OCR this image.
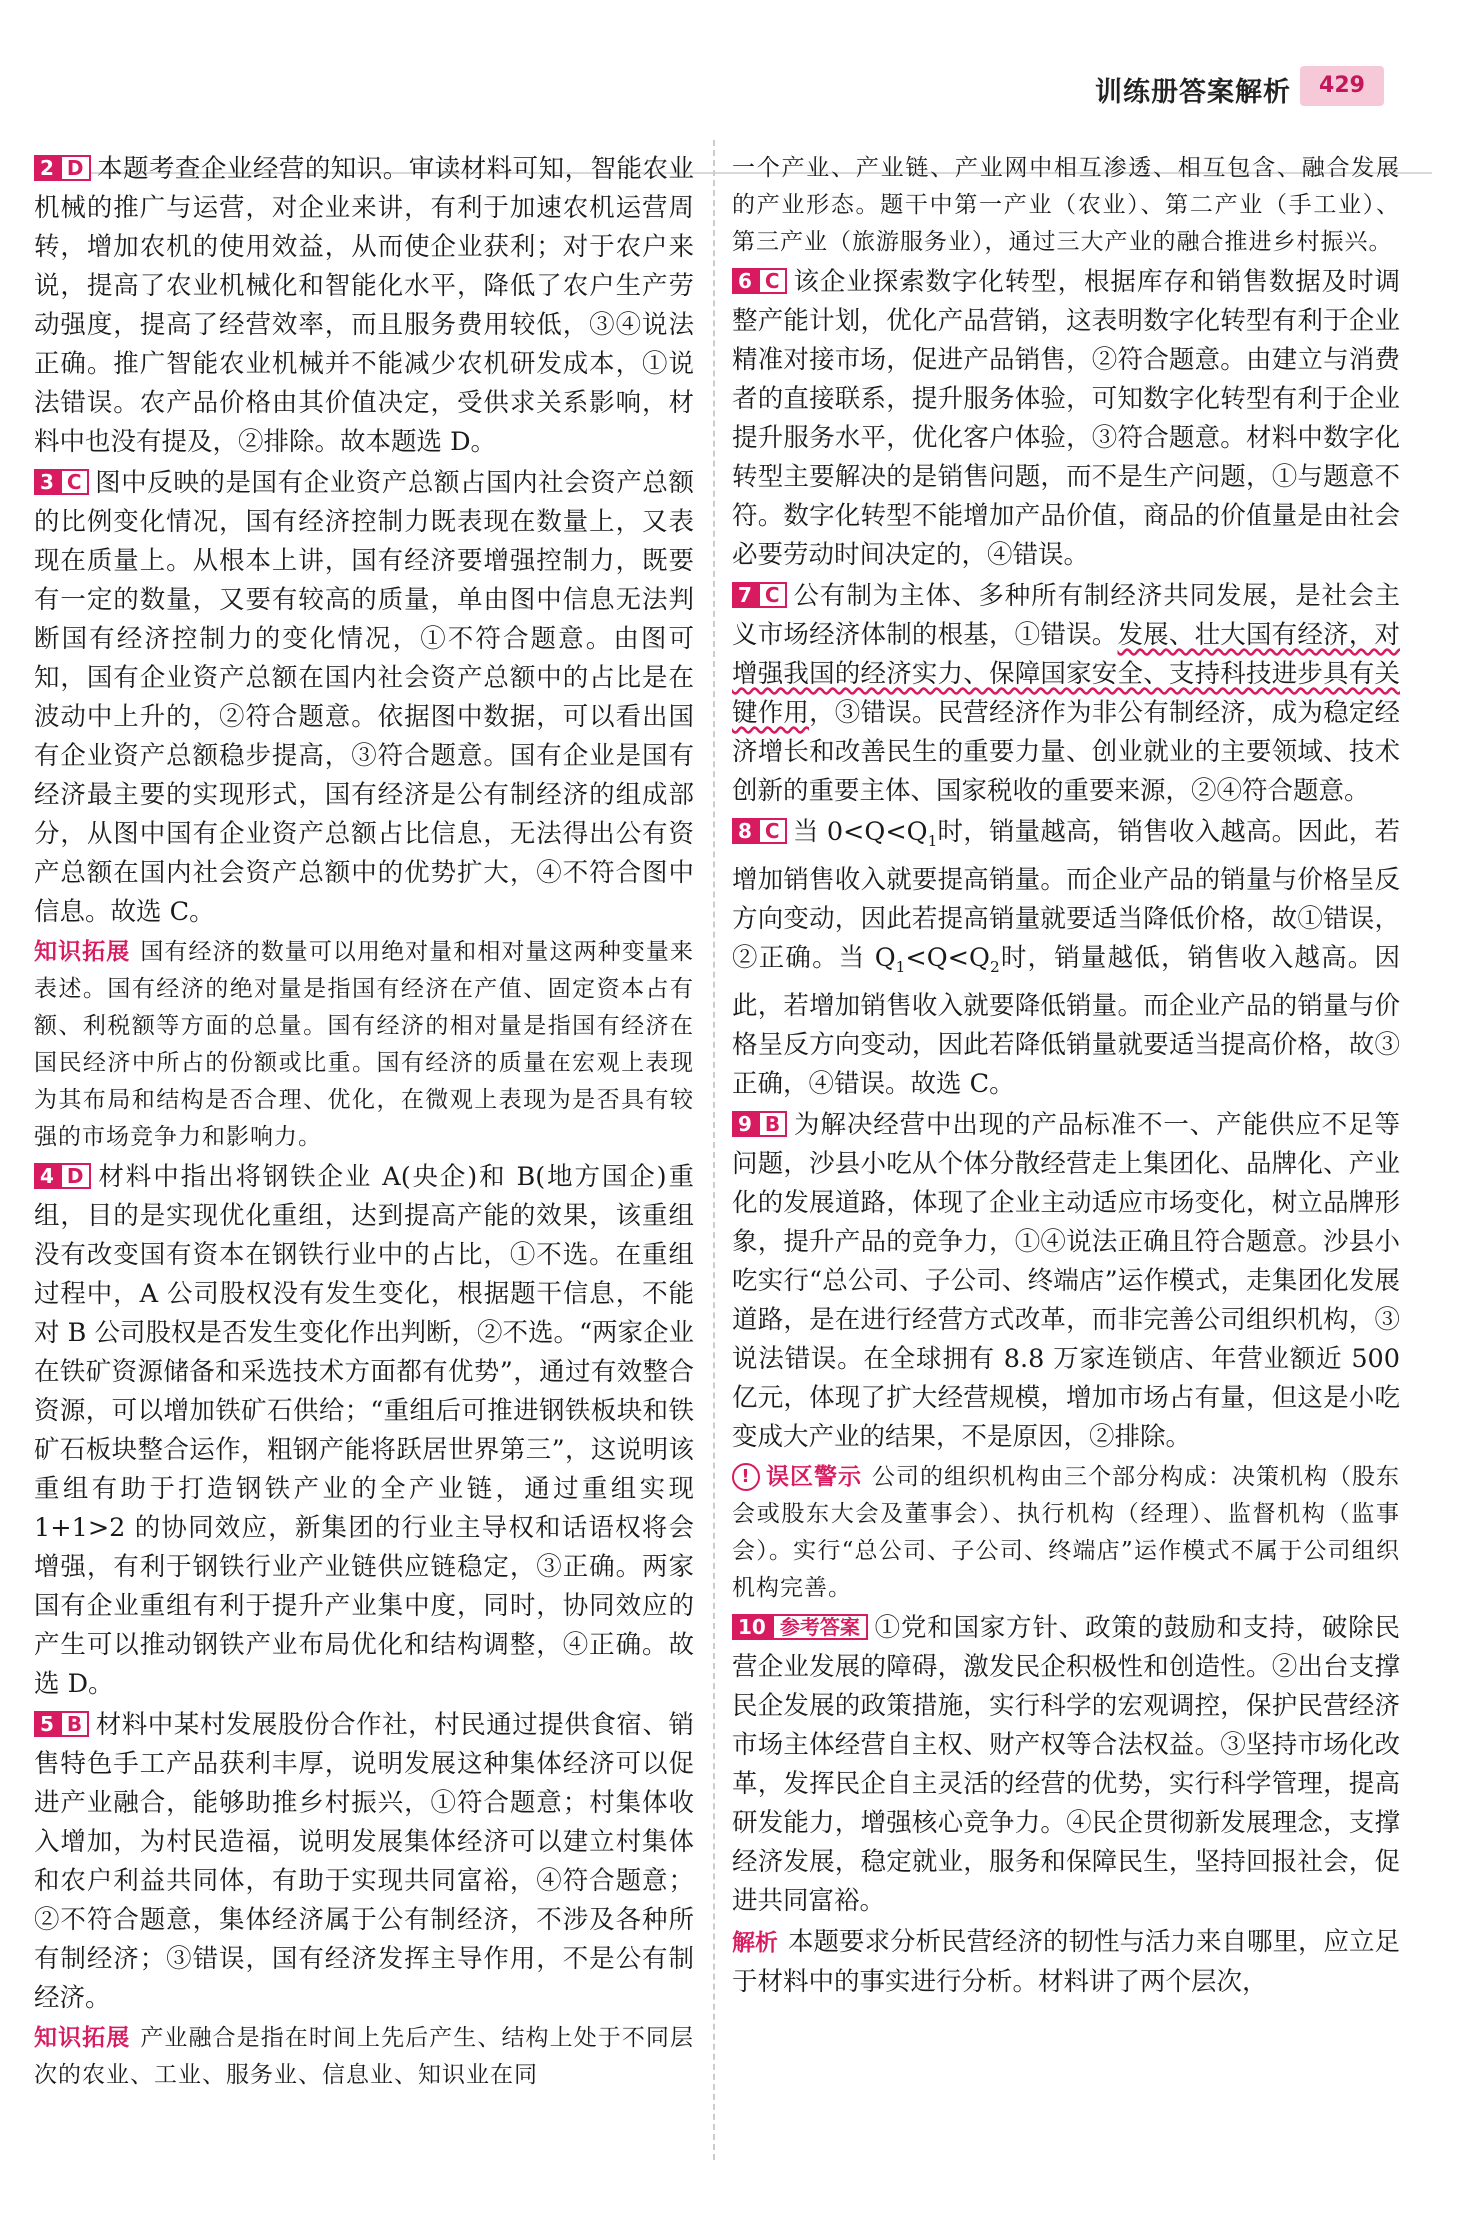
训练册答案解析	429

2 D 本题考查企业经营的知识。审读材料可知，智能农业机械的推广与运营，对企业来讲，有利于加速农机运营周转，增加农机的使用效益，从而使企业获利；对于农户来说，提高了农业机械化和智能化水平，降低了农户生产劳动强度，提高了经营效率，而且服务费用较低，③④说法正确。推广智能农业机械并不能减少农机研发成本，①说法错误。农产品价格由其价值决定，受供求关系影响，材料中也没有提及，②排除。故本题选 D。

3 C 图中反映的是国有企业资产总额占国内社会资产总额的比例变化情况，国有经济控制力既表现在数量上，又表现在质量上。从根本上讲，国有经济要增强控制力，既要有一定的数量，又要有较高的质量，单由图中信息无法判断国有经济控制力的变化情况，①不符合题意。由图可知，国有企业资产总额在国内社会资产总额中的占比是在波动中上升的，②符合题意。依据图中数据，可以看出国有企业资产总额稳步提高，③符合题意。国有企业是国有经济最主要的实现形式，国有经济是公有制经济的组成部分，从图中国有企业资产总额占比信息，无法得出公有资产总额在国内社会资产总额中的优势扩大，④不符合图中信息。故选 C。

知识拓展 国有经济的数量可以用绝对量和相对量这两种变量来表述。国有经济的绝对量是指国有经济在产值、固定资本占有额、利税额等方面的总量。国有经济的相对量是指国有经济在国民经济中所占的份额或比重。国有经济的质量在宏观上表现为其布局和结构是否合理、优化，在微观上表现为是否具有较强的市场竞争力和影响力。

4 D 材料中指出将钢铁企业 A(央企)和 B(地方国企)重组，目的是实现优化重组，达到提高产能的效果，该重组没有改变国有资本在钢铁行业中的占比，①不选。在重组过程中，A 公司股权没有发生变化，根据题干信息，不能对 B 公司股权是否发生变化作出判断，②不选。“两家企业在铁矿资源储备和采选技术方面都有优势”，通过有效整合资源，可以增加铁矿石供给；“重组后可推进钢铁板块和铁矿石板块整合运作，粗钢产能将跃居世界第三”，这说明该重组有助于打造钢铁产业的全产业链，通过重组实现 1+1>2 的协同效应，新集团的行业主导权和话语权将会增强，有利于钢铁行业产业链供应链稳定，③正确。两家国有企业重组有利于提升产业集中度，同时，协同效应的产生可以推动钢铁产业布局优化和结构调整，④正确。故选 D。

5 B 材料中某村发展股份合作社，村民通过提供食宿、销售特色手工产品获利丰厚，说明发展这种集体经济可以促进产业融合，能够助推乡村振兴，①符合题意；村集体收入增加，为村民造福，说明发展集体经济可以建立村集体和农户利益共同体，有助于实现共同富裕，④符合题意；②不符合题意，集体经济属于公有制经济，不涉及各种所有制经济；③错误，国有经济发挥主导作用，不是公有制经济。

知识拓展 产业融合是指在时间上先后产生、结构上处于不同层次的农业、工业、服务业、信息业、知识业在同

一个产业、产业链、产业网中相互渗透、相互包含、融合发展的产业形态。题干中第一产业（农业）、第二产业（手工业）、第三产业（旅游服务业），通过三大产业的融合推进乡村振兴。

6 C 该企业探索数字化转型，根据库存和销售数据及时调整产能计划，优化产品营销，这表明数字化转型有利于企业精准对接市场，促进产品销售，②符合题意。由建立与消费者的直接联系，提升服务体验，可知数字化转型有利于企业提升服务水平，优化客户体验，③符合题意。材料中数字化转型主要解决的是销售问题，而不是生产问题，①与题意不符。数字化转型不能增加产品价值，商品的价值量是由社会必要劳动时间决定的，④错误。

7 C 公有制为主体、多种所有制经济共同发展，是社会主义市场经济体制的根基，①错误。发展、壮大国有经济，对增强我国的经济实力、保障国家安全、支持科技进步具有关键作用，③错误。民营经济作为非公有制经济，成为稳定经济增长和改善民生的重要力量、创业就业的主要领域、技术创新的重要主体、国家税收的重要来源，②④符合题意。

8 C 当 $0<Q<Q_1$时，销量越高，销售收入越高。因此，若增加销售收入就要提高销量。而企业产品的销量与价格呈反方向变动，因此若提高销量就要适当降低价格，故①错误，②正确。当 $Q_1<Q<Q_2$时，销量越低，销售收入越高。因此，若增加销售收入就要降低销量。而企业产品的销量与价格呈反方向变动，因此若降低销量就要适当提高价格，故③正确，④错误。故选 C。

9 B 为解决经营中出现的产品标准不一、产能供应不足等问题，沙县小吃从个体分散经营走上集团化、品牌化、产业化的发展道路，体现了企业主动适应市场变化，树立品牌形象，提升产品的竞争力，①④说法正确且符合题意。沙县小吃实行“总公司、子公司、终端店”运作模式，走集团化发展道路，是在进行经营方式改革，而非完善公司组织机构，③说法错误。在全球拥有 8.8 万家连锁店、年营业额近 500 亿元，体现了扩大经营规模，增加市场占有量，但这是小吃变成大产业的结果，不是原因，②排除。

! 误区警示 公司的组织机构由三个部分构成：决策机构（股东会或股东大会及董事会）、执行机构（经理）、监督机构（监事会）。实行“总公司、子公司、终端店”运作模式不属于公司组织机构完善。

10 参考答案 ①党和国家方针、政策的鼓励和支持，破除民营企业发展的障碍，激发民企积极性和创造性。②出台支撑民企发展的政策措施，实行科学的宏观调控，保护民营经济市场主体经营自主权、财产权等合法权益。③坚持市场化改革，发挥民企自主灵活的经营的优势，实行科学管理，提高研发能力，增强核心竞争力。④民企贯彻新发展理念，支撑经济发展，稳定就业，服务和保障民生，坚持回报社会，促进共同富裕。

解析 本题要求分析民营经济的韧性与活力来自哪里，应立足于材料中的事实进行分析。材料讲了两个层次，
